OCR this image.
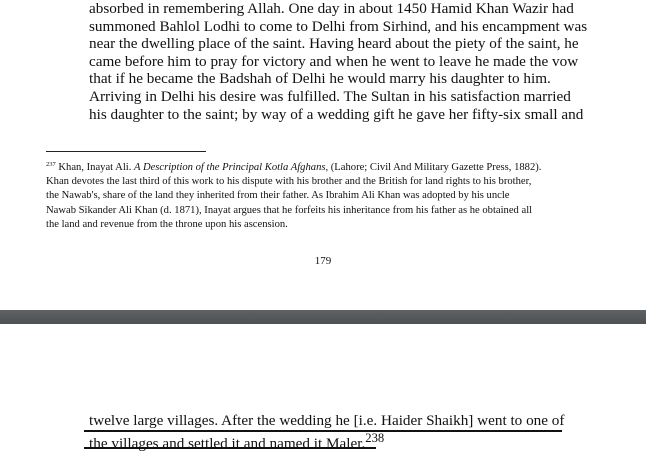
absorbed in remembering Allah. One day in about 1450 Hamid Khan Wazir had
summoned Bahlol Lodhi to come to Delhi from Sirhind, and his encampment was
near the dwelling place of the saint. Having heard about the piety of the saint, he
came before him to pray for victory and when he went to leave he made the vow
that if he became the Badshah of Delhi he would marry his daughter to him.
Arriving in Delhi his desire was fulfilled. The Sultan in his satisfaction married
his daughter to the saint; by way of a wedding gift he gave her fifty-six small and

$^{237}$ Khan, Inayat Ali. A Description of the Principal Kotla Afghans, (Lahore; Civil And Military Gazette Press, 1882).
Khan devotes the last third of this work to his dispute with his brother and the British for land rights to his brother,
the Nawab's, share of the land they inherited from their father. As Ibrahim Ali Khan was adopted by his uncle
Nawab Sikander Ali Khan (d. 1871), Inayat argues that he forfeits his inheritance from his father as he obtained all
the land and revenue from the throne upon his ascension.

179

twelve large villages. After the wedding he [i.e. Haider Shaikh] went to one of
the villages and settled it and named it Maler.$^{238}$
